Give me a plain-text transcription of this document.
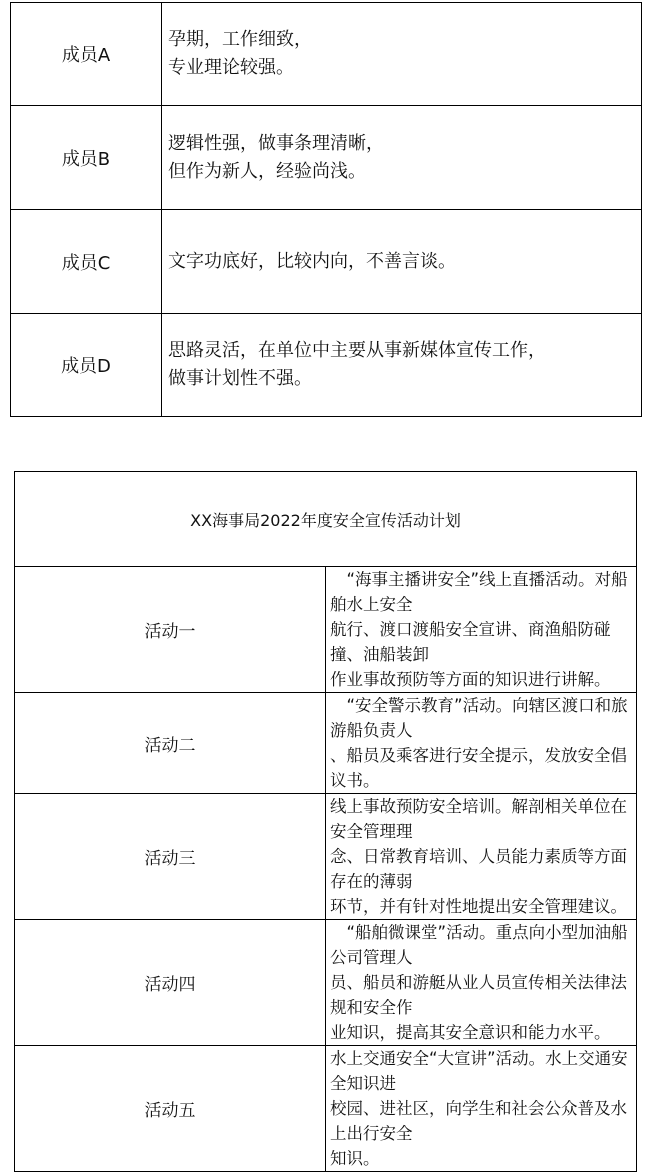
成员A	孕期，工作细致，
专业理论较强。
成员B	逻辑性强，做事条理清晰，
但作为新人，经验尚浅。
成员C	文字功底好，比较内向，不善言谈。
成员D	思路灵活，在单位中主要从事新媒体宣传工作，
做事计划性不强。
XX海事局2022年度安全宣传活动计划	
活动一	　“海事主播讲安全”线上直播活动。对船舶水上安全
航行、渡口渡船安全宣讲、商渔船防碰撞、油船装卸
作业事故预防等方面的知识进行讲解。
活动二	　“安全警示教育”活动。向辖区渡口和旅游船负责人
、船员及乘客进行安全提示，发放安全倡议书。
活动三	线上事故预防安全培训。解剖相关单位在安全管理理
念、日常教育培训、人员能力素质等方面存在的薄弱
环节，并有针对性地提出安全管理建议。
活动四	　“船舶微课堂”活动。重点向小型加油船公司管理人
员、船员和游艇从业人员宣传相关法律法规和安全作
业知识，提高其安全意识和能力水平。
活动五	水上交通安全“大宣讲”活动。水上交通安全知识进
校园、进社区，向学生和社会公众普及水上出行安全
知识。
